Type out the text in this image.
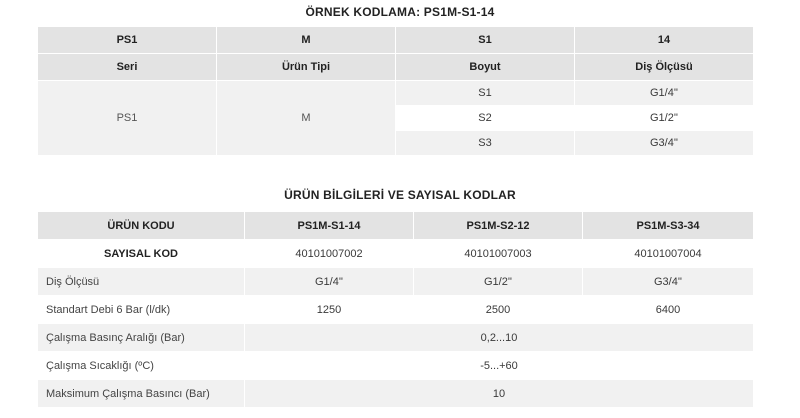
ÖRNEK KODLAMA: PS1M-S1-14
PS1	M	S1	14
Seri	Ürün Tipi	Boyut	Diş Ölçüsü
PS1	M	S1	G1/4''
		S2	G1/2''
		S3	G3/4''
ÜRÜN BİLGİLERİ VE SAYISAL KODLAR
ÜRÜN KODU	PS1M-S1-14	PS1M-S2-12	PS1M-S3-34
SAYISAL KOD	40101007002	40101007003	40101007004
Diş Ölçüsü	G1/4''	G1/2''	G3/4''
Standart Debi 6 Bar (l/dk)	1250	2500	6400
Çalışma Basınç Aralığı (Bar)	0,2...10		
Çalışma Sıcaklığı (ºC)	-5...+60		
Maksimum Çalışma Basıncı (Bar)	10		
